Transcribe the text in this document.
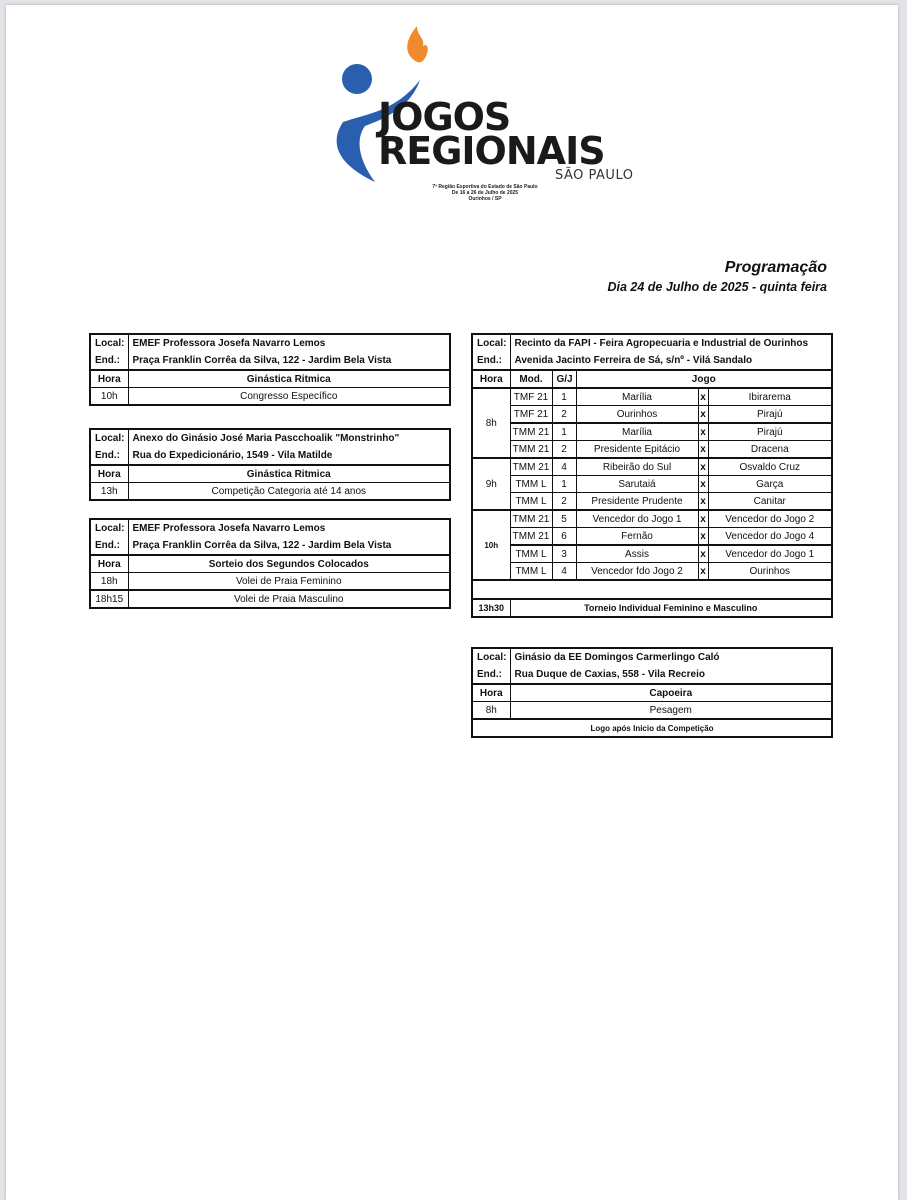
JOGOS
REGIONAIS
SÃO PAULO
7ª Região Esportiva do Estado de São Paulo
De 16 a 26 de Julho de 2025
Ourinhos / SP
Programação
Dia 24 de Julho de 2025 - quinta feira
Local:	EMEF Professora Josefa Navarro Lemos
End.:	Praça Franklin Corrêa da Silva, 122 - Jardim Bela Vista
Hora	Ginástica Ritmica
10h	Congresso Específico
Local:	Anexo do Ginásio José Maria Pascchoalik "Monstrinho"
End.:	Rua do Expedicionário, 1549 - Vila Matilde
Hora	Ginástica Ritmica
13h	Competição Categoria até 14 anos
Local:	EMEF Professora Josefa Navarro Lemos
End.:	Praça Franklin Corrêa da Silva, 122 - Jardim Bela Vista
Hora	Sorteio dos Segundos Colocados
18h	Volei de Praia Feminino
18h15	Volei de Praia Masculino
Local:	Recinto da FAPI - Feira Agropecuaria e Industrial de Ourinhos				
End.:	Avenida Jacinto Ferreira de Sá, s/nº - Vilá Sandalo				
Hora	Mod.	G/J	Jogo		
8h	TMF 21	1	Marília	x	Ibirarema
	TMF 21	2	Ourinhos	x	Pirajú
	TMM 21	1	Marília	x	Pirajú
	TMM 21	2	Presidente Epitácio	x	Dracena
9h	TMM 21	4	Ribeirão do Sul	x	Osvaldo Cruz
	TMM L	1	Sarutaiá	x	Garça
	TMM L	2	Presidente Prudente	x	Canitar
10h	TMM 21	5	Vencedor do Jogo 1	x	Vencedor do Jogo 2
	TMM 21	6	Fernão	x	Vencedor do Jogo 4
	TMM L	3	Assis	x	Vencedor do Jogo 1
	TMM L	4	Vencedor fdo Jogo 2	x	Ourinhos

13h30	Torneio Individual Feminino e Masculino				
Local:	Ginásio da EE Domingos Carmerlingo Caló
End.:	Rua Duque de Caxias, 558 - Vila Recreio
Hora	Capoeira
8h	Pesagem
Logo após Inicio da Competição	
